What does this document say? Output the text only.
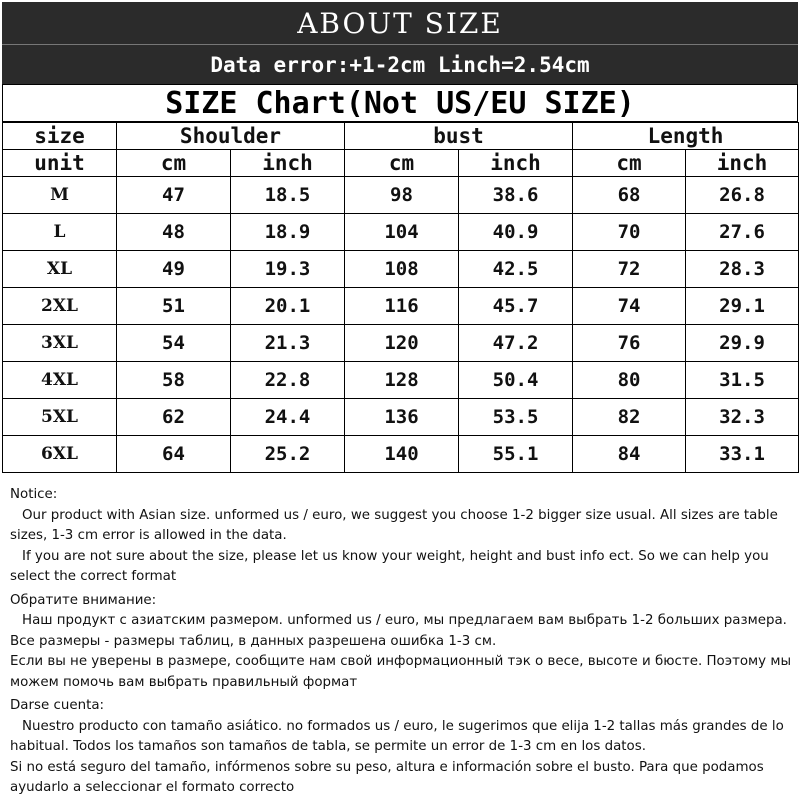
ABOUT SIZE
Data error:+1-2cm Linch=2.54cm
SIZE Chart(Not US/EU SIZE)
size	Shoulder		bust		Length	
unit	cm	inch	cm	inch	cm	inch
M	47	18.5	98	38.6	68	26.8
L	48	18.9	104	40.9	70	27.6
XL	49	19.3	108	42.5	72	28.3
2XL	51	20.1	116	45.7	74	29.1
3XL	54	21.3	120	47.2	76	29.9
4XL	58	22.8	128	50.4	80	31.5
5XL	62	24.4	136	53.5	82	32.3
6XL	64	25.2	140	55.1	84	33.1

Notice:

Our product with Asian size. unformed us / euro, we suggest you choose 1-2 bigger size usual. All sizes are table sizes, 1-3 cm error is allowed in the data.

If you are not sure about the size, please let us know your weight, height and bust info ect. So we can help you select the correct format

Обратите внимание:

Наш продукт с азиатским размером. unformed us / euro, мы предлагаем вам выбрать 1-2 больших размера. Все размеры - размеры таблиц, в данных разрешена ошибка 1-3 см.

Если вы не уверены в размере, сообщите нам свой информационный тэк о весе, высоте и бюсте. Поэтому мы можем помочь вам выбрать правильный формат

Darse cuenta:

Nuestro producto con tamaño asiático. no formados us / euro, le sugerimos que elija 1-2 tallas más grandes de lo habitual. Todos los tamaños son tamaños de tabla, se permite un error de 1-3 cm en los datos.

Si no está seguro del tamaño, infórmenos sobre su peso, altura e información sobre el busto. Para que podamos ayudarlo a seleccionar el formato correcto
